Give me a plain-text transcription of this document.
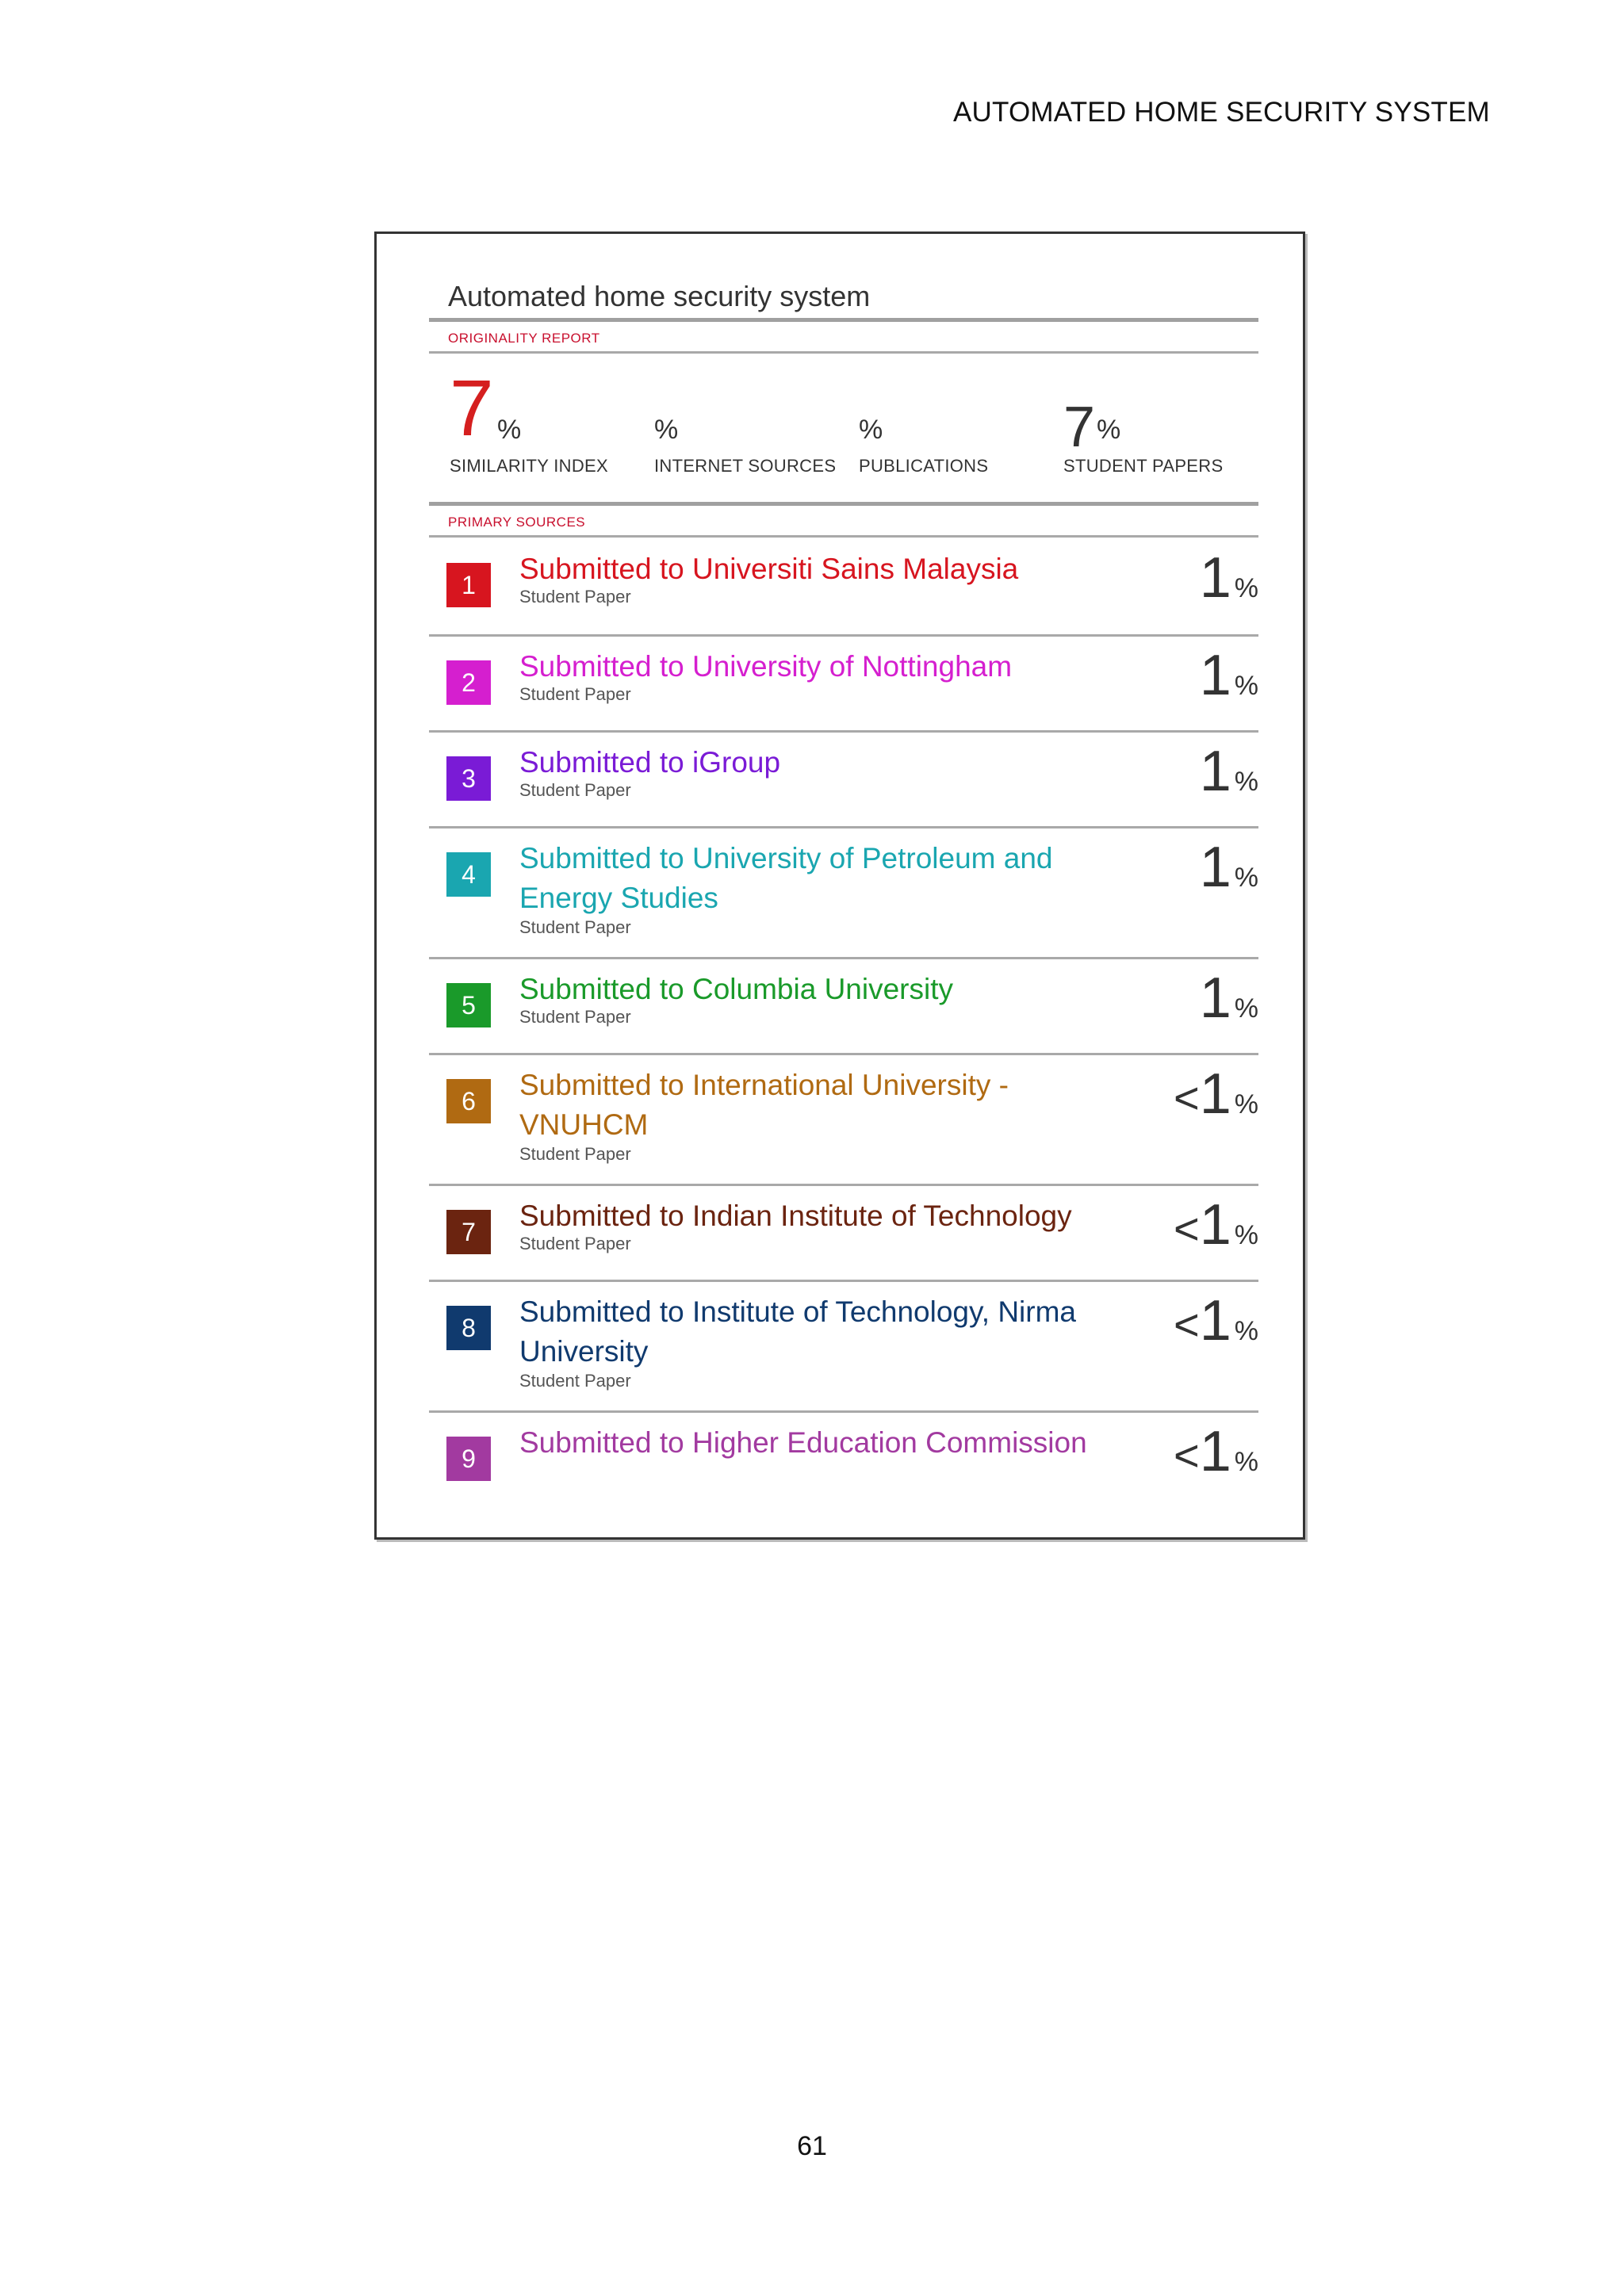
AUTOMATED HOME SECURITY SYSTEM
Automated home security system
ORIGINALITY REPORT
7 %
SIMILARITY INDEX
%
INTERNET SOURCES
%
PUBLICATIONS
7 %
STUDENT PAPERS
PRIMARY SOURCES
1	Submitted to Universiti Sains Malaysia
Student Paper	1 %
2	Submitted to University of Nottingham
Student Paper	1 %
3	Submitted to iGroup
Student Paper	1 %
4	Submitted to University of Petroleum and
Energy Studies
Student Paper
1 %
5	Submitted to Columbia University
Student Paper	1 %
6	Submitted to International University -
VNUHCM
Student Paper
<1 %
7	Submitted to Indian Institute of Technology
Student Paper	<1 %
8	Submitted to Institute of Technology, Nirma
University
Student Paper
<1 %
9	Submitted to Higher Education Commission	<1 %
61
